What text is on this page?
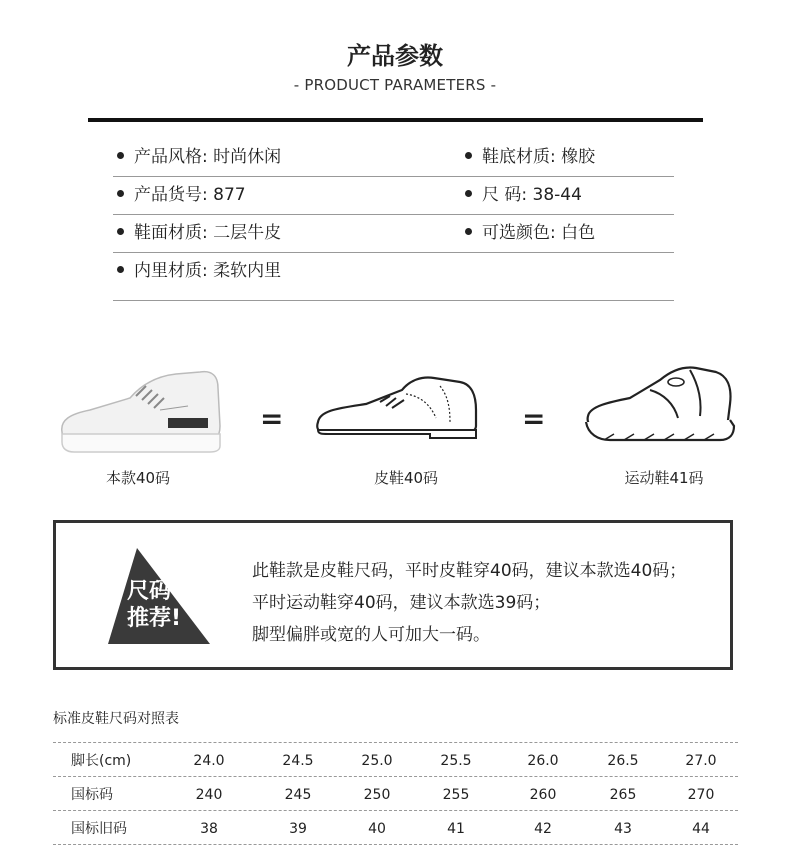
产品参数
- PRODUCT PARAMETERS -
产品风格: 时尚休闲	鞋底材质: 橡胶
产品货号: 877	尺 码: 38-44
鞋面材质: 二层牛皮	可选颜色: 白色
内里材质: 柔软内里
=	=
本款40码	皮鞋40码	运动鞋41码
尺码
推荐!
此鞋款是皮鞋尺码，平时皮鞋穿40码，建议本款选40码；
平时运动鞋穿40码，建议本款选39码；
脚型偏胖或宽的人可加大一码。
标准皮鞋尺码对照表
脚长(cm)	24.0	24.5	25.0	25.5	26.0	26.5	27.0
国标码	240	245	250	255	260	265	270
国标旧码	38	39	40	41	42	43	44
